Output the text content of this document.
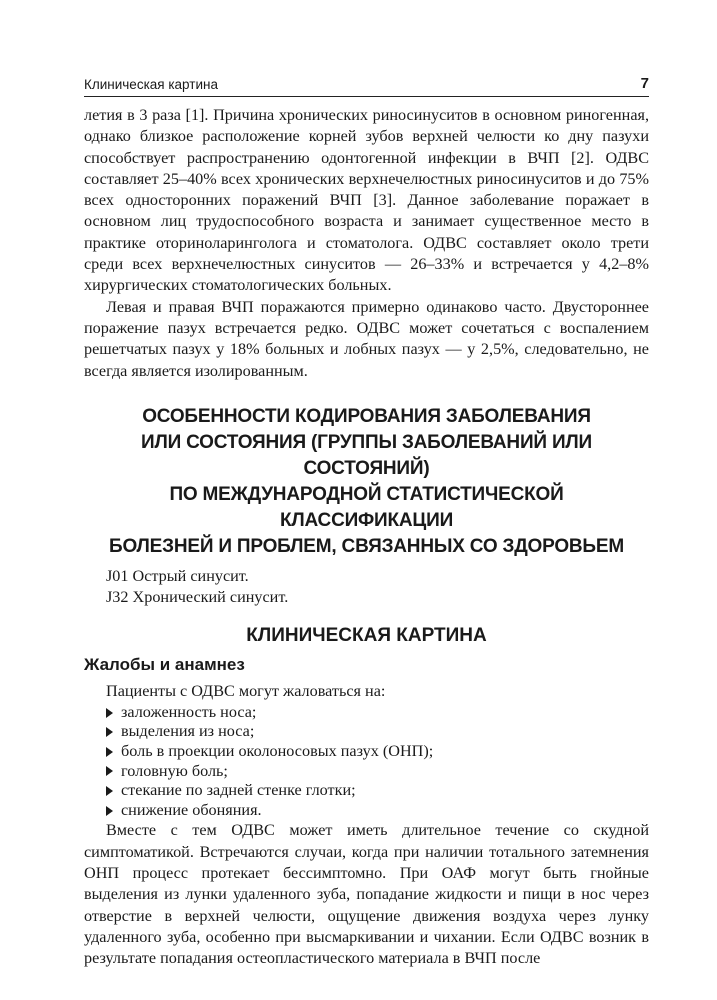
Клиническая картина	7

летия в 3 раза [1]. Причина хронических риносинуситов в основном риногенная, однако близкое расположение корней зубов верхней челюсти ко дну пазухи способствует распространению одонтогенной инфекции в ВЧП [2]. ОДВС составляет 25–40% всех хронических верхнечелюстных риносинуситов и до 75% всех односторонних поражений ВЧП [3]. Данное заболевание поражает в основном лиц трудоспособного возраста и занимает существенное место в практике оториноларинголога и стоматолога. ОДВС составляет около трети среди всех верхнечелюстных синуситов — 26–33% и встречается у 4,2–8% хирургических стоматологических больных.

Левая и правая ВЧП поражаются примерно одинаково часто. Двустороннее поражение пазух встречается редко. ОДВС может сочетаться с воспалением решетчатых пазух у 18% больных и лобных пазух — у 2,5%, следовательно, не всегда является изолированным.

ОСОБЕННОСТИ КОДИРОВАНИЯ ЗАБОЛЕВАНИЯ
ИЛИ СОСТОЯНИЯ (ГРУППЫ ЗАБОЛЕВАНИЙ ИЛИ СОСТОЯНИЙ)
ПО МЕЖДУНАРОДНОЙ СТАТИСТИЧЕСКОЙ КЛАССИФИКАЦИИ
БОЛЕЗНЕЙ И ПРОБЛЕМ, СВЯЗАННЫХ СО ЗДОРОВЬЕМ

J01 Острый синусит.

J32 Хронический синусит.

КЛИНИЧЕСКАЯ КАРТИНА
Жалобы и анамнез

Пациенты с ОДВС могут жаловаться на:

заложенность носа;
выделения из носа;
боль в проекции околоносовых пазух (ОНП);
головную боль;
стекание по задней стенке глотки;
снижение обоняния.

Вместе с тем ОДВС может иметь длительное течение со скудной симптоматикой. Встречаются случаи, когда при наличии тотального затемнения ОНП процесс протекает бессимптомно. При ОАФ могут быть гнойные выделения из лунки удаленного зуба, попадание жидкости и пищи в нос через отверстие в верхней челюсти, ощущение движения воздуха через лунку удаленного зуба, особенно при высмаркивании и чихании. Если ОДВС возник в результате попадания остеопластического материала в ВЧП после
